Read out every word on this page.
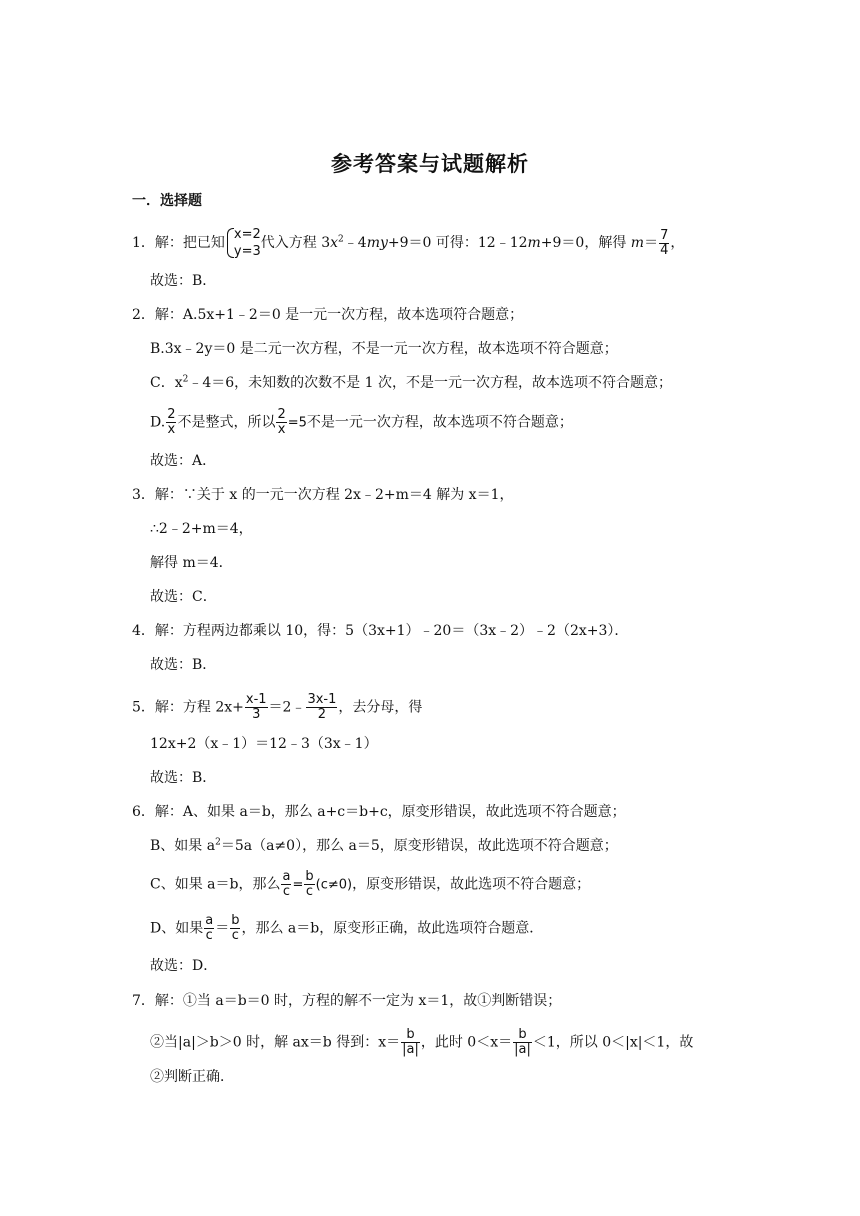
参考答案与试题解析
一．选择题
1．解：把已知
x=2
y=3
代入方程 $3x^2﹣4my+9=0$ 可得：12﹣12m+9＝0，解得 $m= \frac{7}{4}$ ，
故选：B．
2．解：A.5x+1﹣2＝0 是一元一次方程，故本选项符合题意；
B.3x﹣2y＝0 是二元一次方程，不是一元一次方程，故本选项不符合题意；
C．$x^2﹣4=6$，未知数的次数不是 1 次，不是一元一次方程，故本选项不符合题意；
D. $\frac{2}{x}$ 不是整式，所以 $\frac{2}{x} =5$不是一元一次方程，故本选项不符合题意；
故选：A．
3．解：∵关于 x 的一元一次方程 2x﹣2+m＝4 解为 x＝1，
∴2﹣2+m＝4，
解得 m＝4．
故选：C．
4．解：方程两边都乘以 10，得：5（3x+1）﹣20＝（3x﹣2）﹣2（2x+3）．
故选：B．
5．解：方程 $2x+ \frac{x-1}{3}$ ＝2﹣ $\frac{3x-1}{2}$ ，去分母，得
12x+2（x﹣1）＝12﹣3（3x﹣1）
故选：B．
6．解：A、如果 a＝b，那么 a+c＝b+c，原变形错误，故此选项不符合题意；
B、如果 $a^2=5a(a\ne 0)$，那么 a＝5，原变形错误，故此选项不符合题意；
C、如果 a＝b，那么 $\frac{a}{c} = \frac{b}{c} (c\ne 0)$，原变形错误，故此选项不符合题意；
D、如果 $\frac{a}{c} = \frac{b}{c}$ ，那么 a＝b，原变形正确，故此选项符合题意．
故选：D．
7．解：①当 a＝b＝0 时，方程的解不一定为 x＝1，故①判断错误；
②当|a|＞b＞0 时，解 ax＝b 得到：$x= \frac{b}{|a|}$ ，此时 $0<x= \frac{b}{|a|} <1$，所以 0＜|x|＜1，故
②判断正确．
